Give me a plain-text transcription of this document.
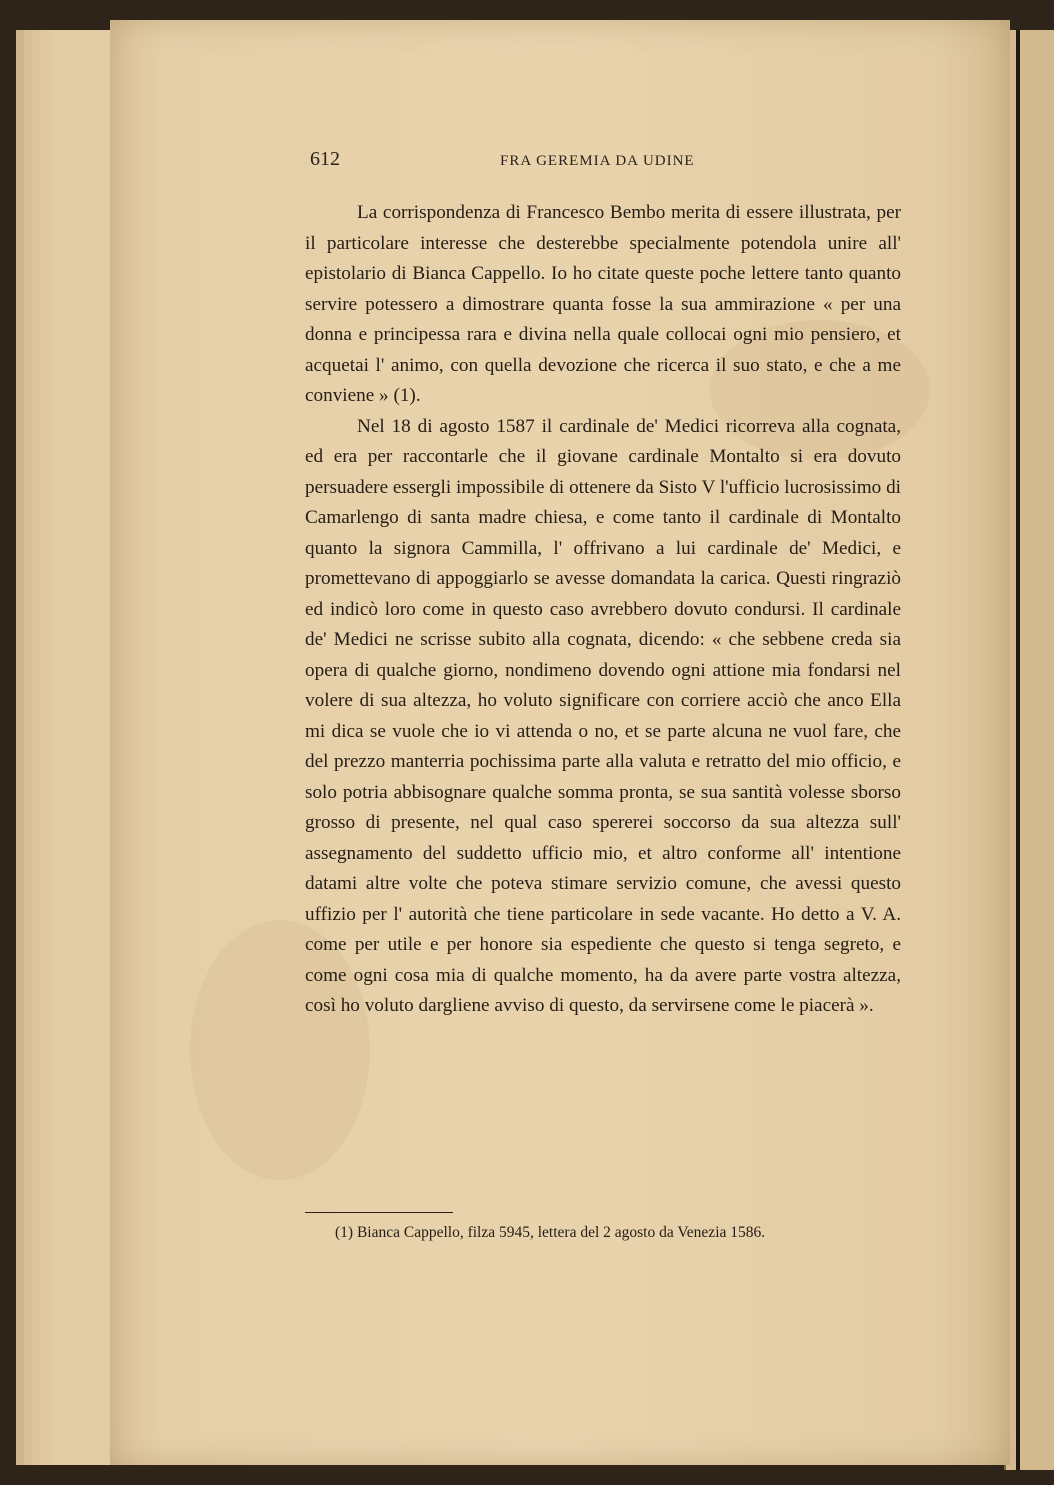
612	FRA GEREMIA DA UDINE

La corrispondenza di Francesco Bembo merita di essere illustrata, per il particolare interesse che desterebbe specialmente potendola unire all' epistolario di Bianca Cappello. Io ho citate queste poche lettere tanto quanto servire potessero a dimostrare quanta fosse la sua ammirazione « per una donna e principessa rara e divina nella quale collocai ogni mio pensiero, et acquetai l' animo, con quella devozione che ricerca il suo stato, e che a me conviene » (1).

Nel 18 di agosto 1587 il cardinale de' Medici ricorreva alla cognata, ed era per raccontarle che il giovane cardinale Montalto si era dovuto persuadere essergli impossibile di ottenere da Sisto V l'ufficio lucrosissimo di Camarlengo di santa madre chiesa, e come tanto il cardinale di Montalto quanto la signora Cammilla, l' offrivano a lui cardinale de' Medici, e promettevano di appoggiarlo se avesse domandata la carica. Questi ringraziò ed indicò loro come in questo caso avrebbero dovuto condursi. Il cardinale de' Medici ne scrisse subito alla cognata, dicendo: « che sebbene creda sia opera di qualche giorno, nondimeno dovendo ogni attione mia fondarsi nel volere di sua altezza, ho voluto significare con corriere acciò che anco Ella mi dica se vuole che io vi attenda o no, et se parte alcuna ne vuol fare, che del prezzo manterria pochissima parte alla valuta e retratto del mio officio, e solo potria abbisognare qualche somma pronta, se sua santità volesse sborso grosso di presente, nel qual caso spererei soccorso da sua altezza sull' assegnamento del suddetto ufficio mio, et altro conforme all' intentione datami altre volte che poteva stimare servizio comune, che avessi questo uffizio per l' autorità che tiene particolare in sede vacante. Ho detto a V. A. come per utile e per honore sia espediente che questo si tenga segreto, e come ogni cosa mia di qualche momento, ha da avere parte vostra altezza, così ho voluto dargliene avviso di questo, da servirsene come le piacerà ».

(1) Bianca Cappello, filza 5945, lettera del 2 agosto da Venezia 1586.
